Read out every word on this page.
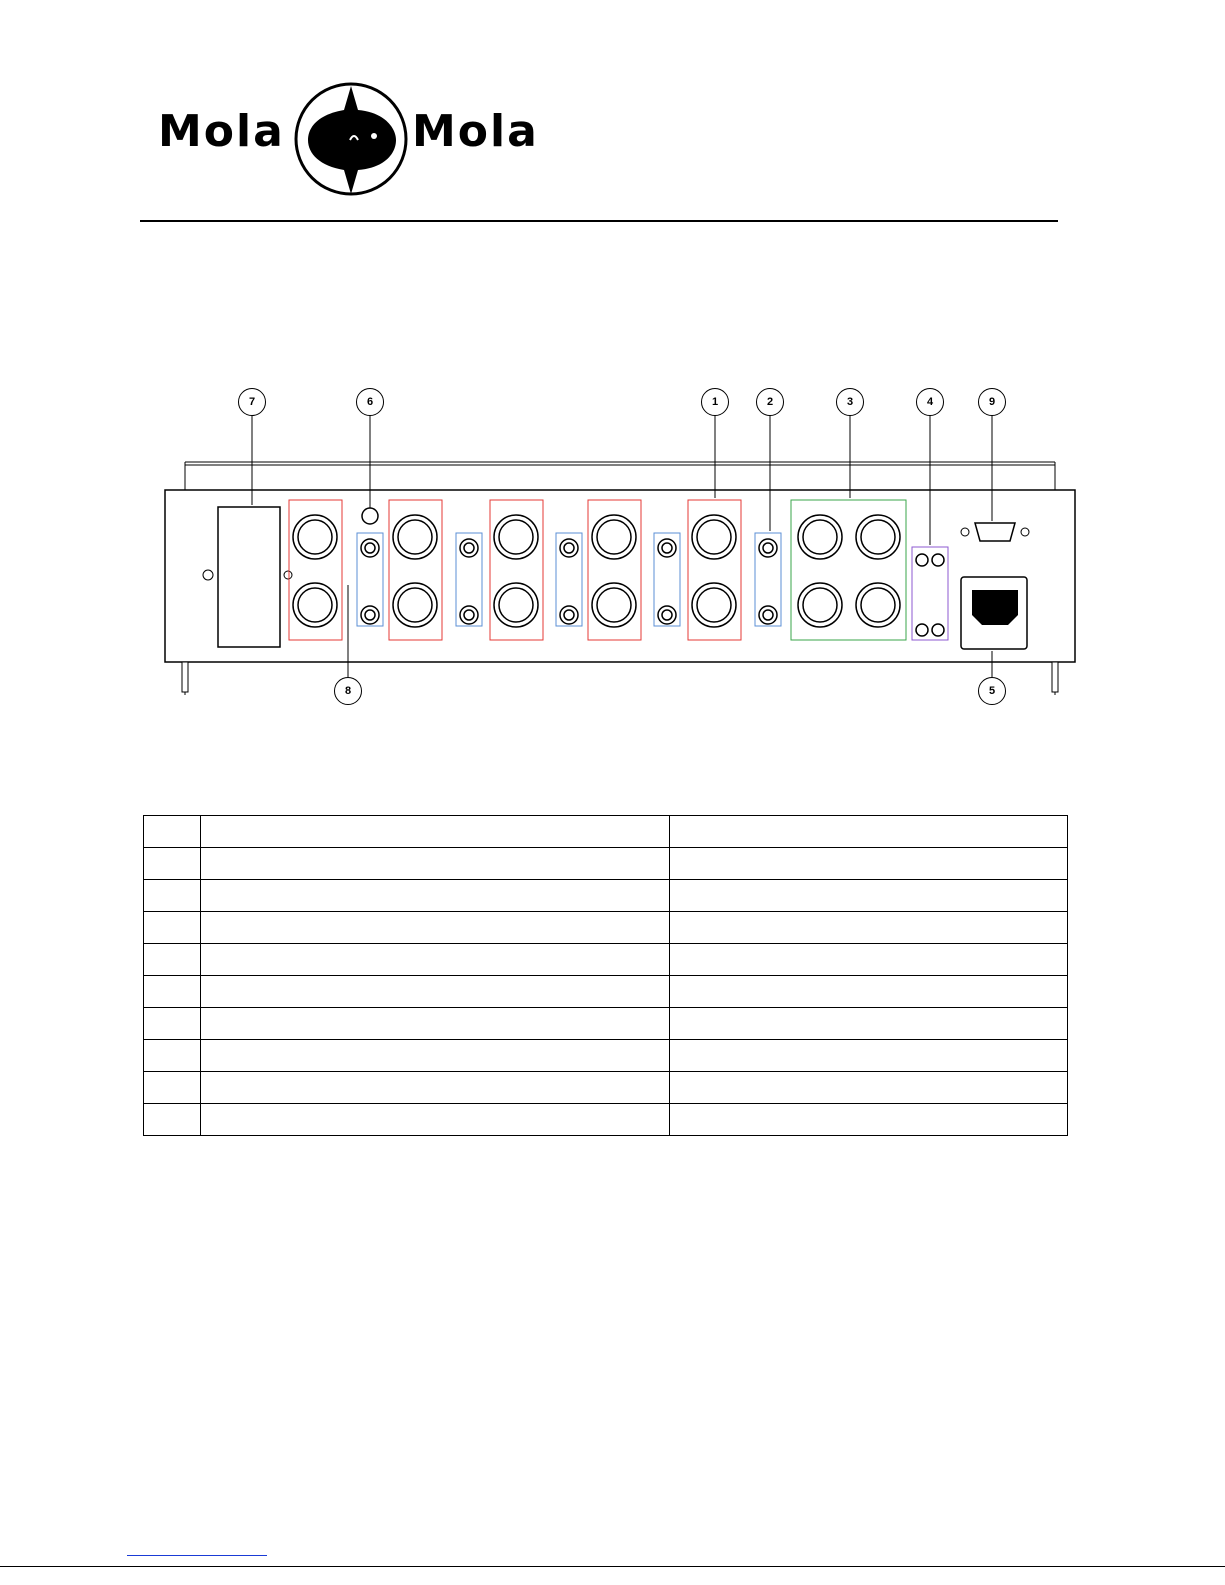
Mola	Mola
7	6	1	2	3	4	9
8	5
